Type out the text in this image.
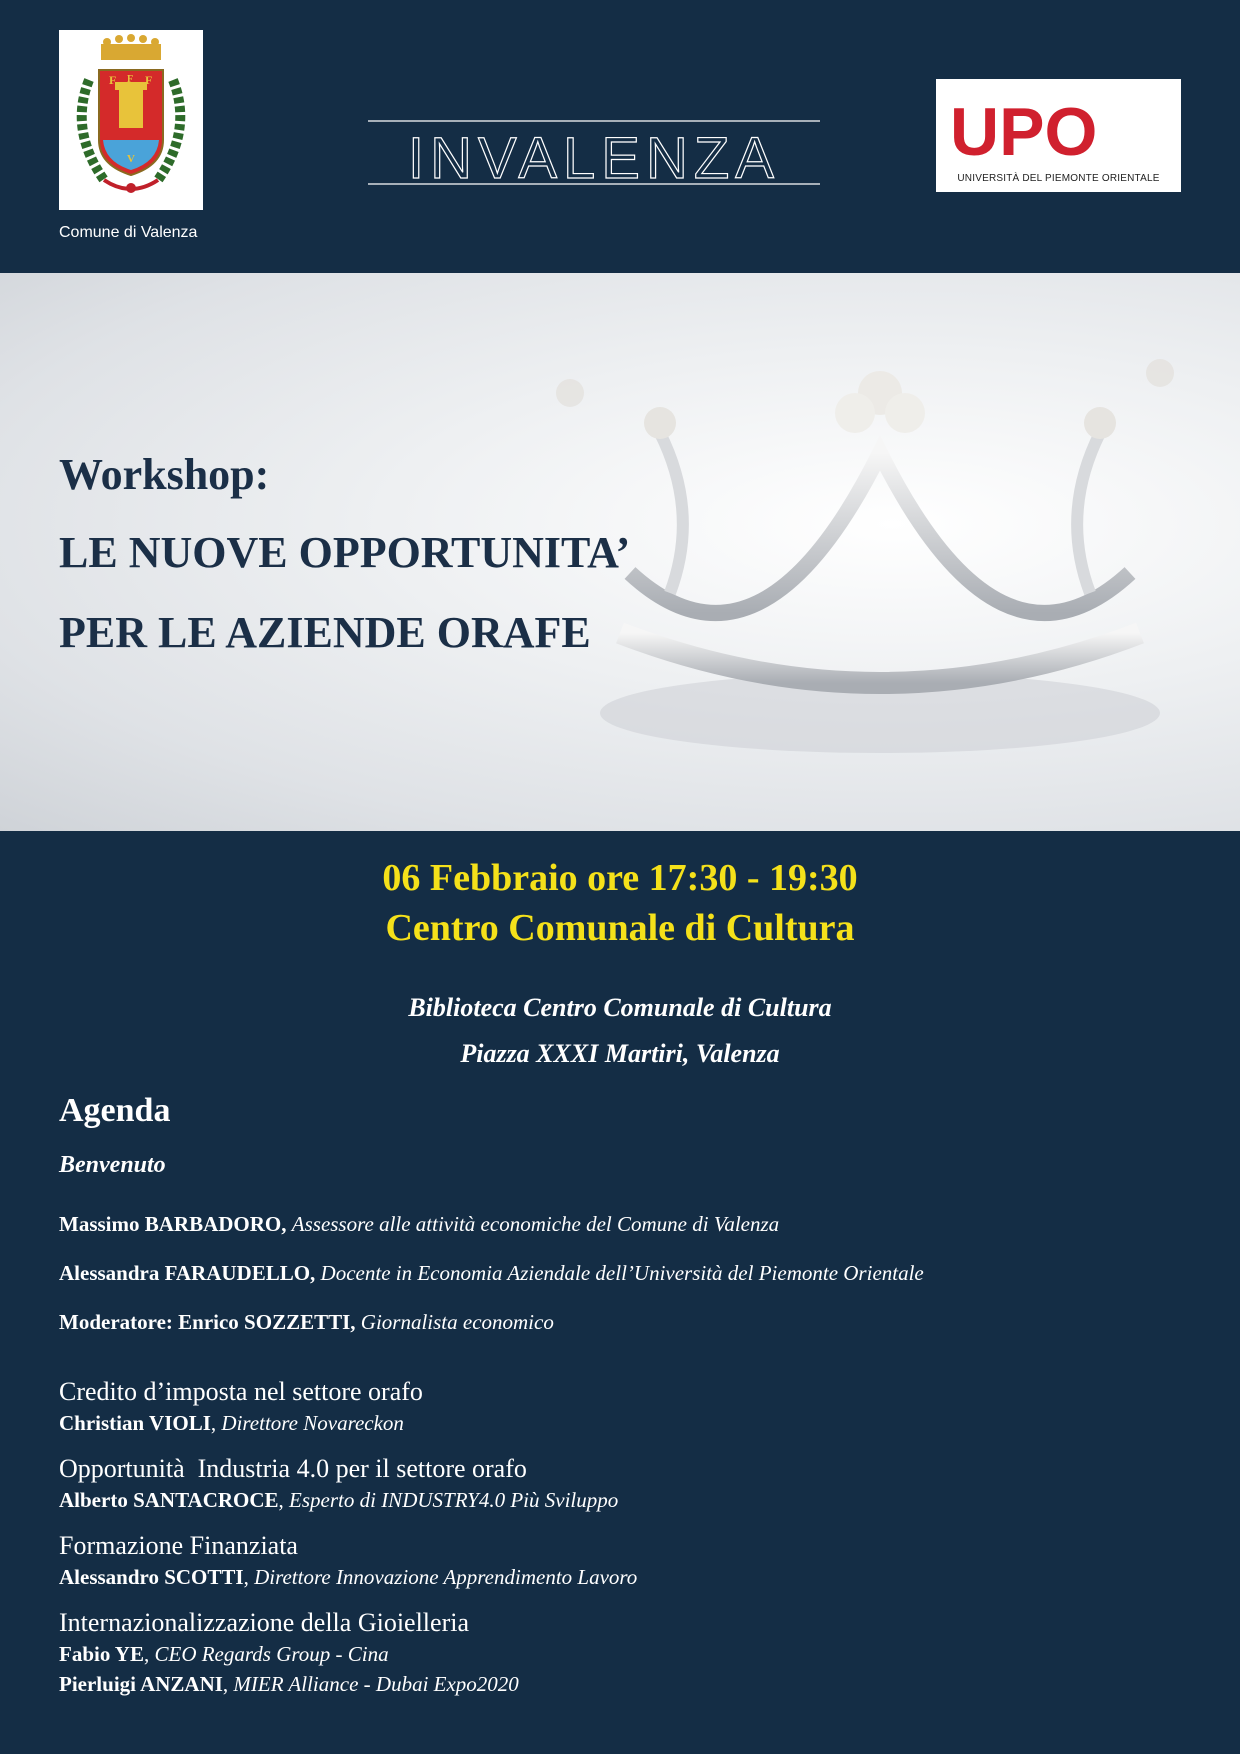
F F
F
V
Comune di Valenza
INVALENZA UPO
UNIVERSITÀ DEL PIEMONTE ORIENTALE
Workshop:
LE NUOVE OPPORTUNITA’
PER LE AZIENDE ORAFE
06 Febbraio ore 17:30 - 19:30
Centro Comunale di Cultura
Biblioteca Centro Comunale di Cultura
Piazza XXXI Martiri, Valenza
Agenda
Benvenuto
Massimo BARBADORO, Assessore alle attività economiche del Comune di Valenza
Alessandra FARAUDELLO, Docente in Economia Aziendale dell’Università del Piemonte Orientale
Moderatore: Enrico SOZZETTI, Giornalista economico
Credito d’imposta nel settore orafo
Christian VIOLI, Direttore Novareckon
Opportunità  Industria 4.0 per il settore orafo
Alberto SANTACROCE, Esperto di INDUSTRY4.0 Più Sviluppo
Formazione Finanziata
Alessandro SCOTTI, Direttore Innovazione Apprendimento Lavoro
Internazionalizzazione della Gioielleria
Fabio YE, CEO Regards Group - Cina
Pierluigi ANZANI, MIER Alliance - Dubai Expo2020
